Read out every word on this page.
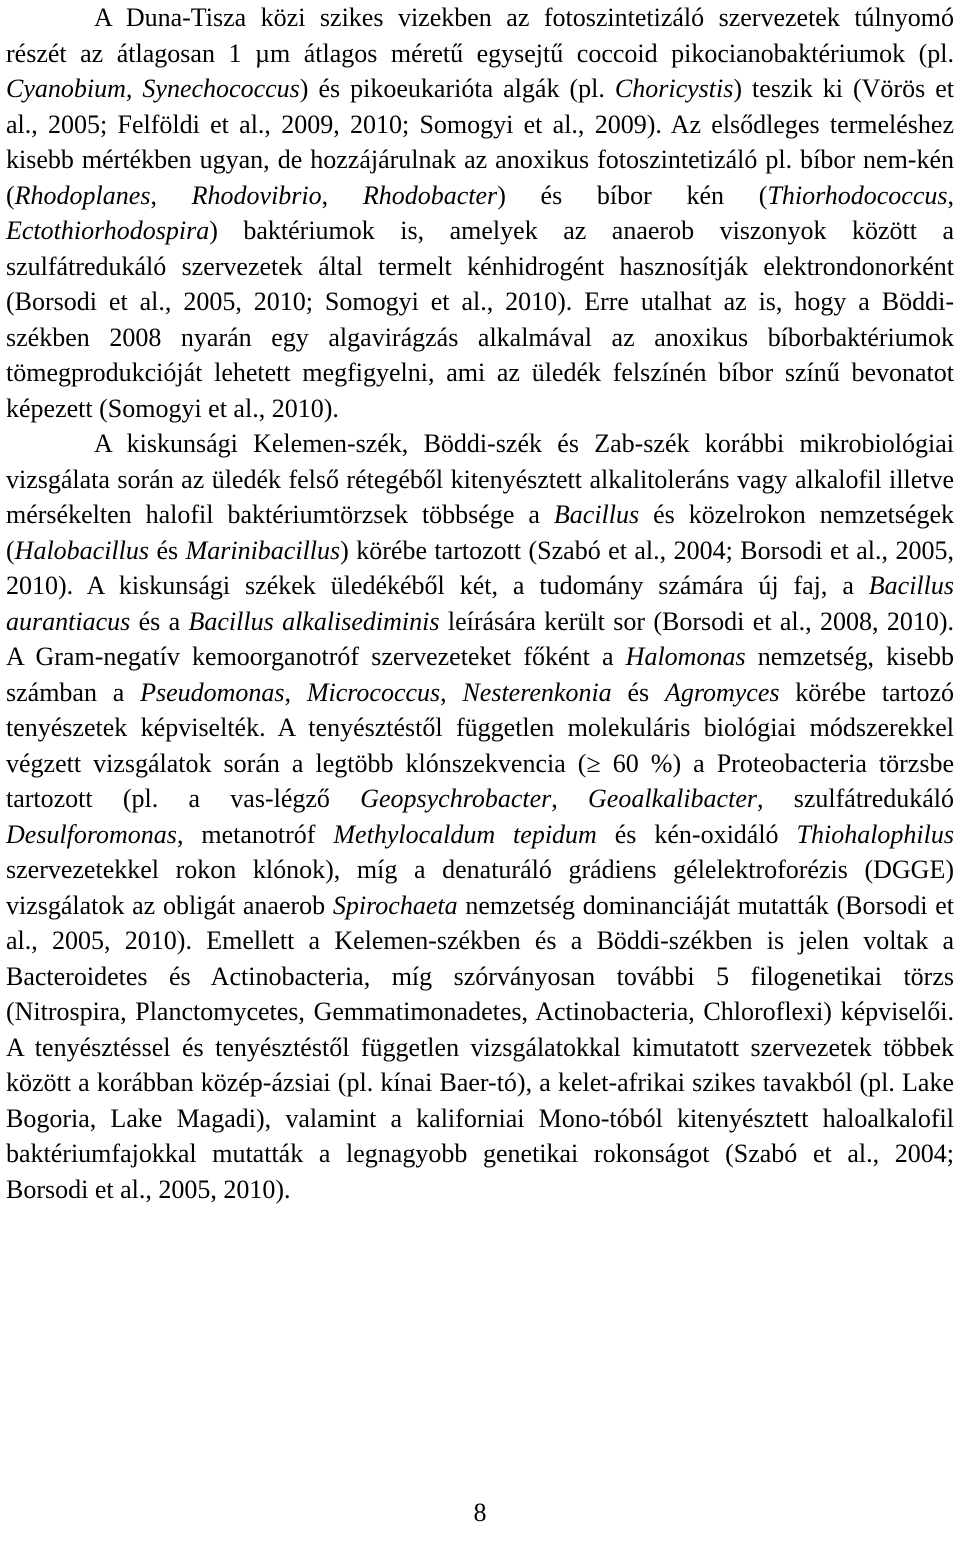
A Duna-Tisza közi szikes vizekben az fotoszintetizáló szervezetek túlnyomó részét az átlagosan 1 µm átlagos méretű egysejtű coccoid pikocianobaktériumok (pl. Cyanobium, Synechococcus) és pikoeukarióta algák (pl. Choricystis) teszik ki (Vörös et al., 2005; Felföldi et al., 2009, 2010; Somogyi et al., 2009). Az elsődleges termeléshez kisebb mértékben ugyan, de hozzájárulnak az anoxikus fotoszintetizáló pl. bíbor nem-kén (Rhodoplanes, Rhodovibrio, Rhodobacter) és bíbor kén (Thiorhodococcus, Ectothiorhodospira) baktériumok is, amelyek az anaerob viszonyok között a szulfátredukáló szervezetek által termelt kénhidrogént hasznosítják elektrondonorként (Borsodi et al., 2005, 2010; Somogyi et al., 2010). Erre utalhat az is, hogy a Böddi-székben 2008 nyarán egy algavirágzás alkalmával az anoxikus bíborbaktériumok tömegprodukcióját lehetett megfigyelni, ami az üledék felszínén bíbor színű bevonatot képezett (Somogyi et al., 2010).

A kiskunsági Kelemen-szék, Böddi-szék és Zab-szék korábbi mikrobiológiai vizsgálata során az üledék felső rétegéből kitenyésztett alkalitoleráns vagy alkalofil illetve mérsékelten halofil baktériumtörzsek többsége a Bacillus és közelrokon nemzetségek (Halobacillus és Marinibacillus) körébe tartozott (Szabó et al., 2004; Borsodi et al., 2005, 2010). A kiskunsági székek üledékéből két, a tudomány számára új faj, a Bacillus aurantiacus és a Bacillus alkalisediminis leírására került sor (Borsodi et al., 2008, 2010). A Gram-negatív kemoorganotróf szervezeteket főként a Halomonas nemzetség, kisebb számban a Pseudomonas, Micrococcus, Nesterenkonia és Agromyces körébe tartozó tenyészetek képviselték. A tenyésztéstől független molekuláris biológiai módszerekkel végzett vizsgálatok során a legtöbb klónszekvencia (≥ 60 %) a Proteobacteria törzsbe tartozott (pl. a vas-légző Geopsychrobacter, Geoalkalibacter, szulfátredukáló Desulforomonas, metanotróf Methylocaldum tepidum és kén-oxidáló Thiohalophilus szervezetekkel rokon klónok), míg a denaturáló grádiens gélelektroforézis (DGGE) vizsgálatok az obligát anaerob Spirochaeta nemzetség dominanciáját mutatták (Borsodi et al., 2005, 2010). Emellett a Kelemen-székben és a Böddi-székben is jelen voltak a Bacteroidetes és Actinobacteria, míg szórványosan további 5 filogenetikai törzs (Nitrospira, Planctomycetes, Gemmatimonadetes, Actinobacteria, Chloroflexi) képviselői. A tenyésztéssel és tenyésztéstől független vizsgálatokkal kimutatott szervezetek többek között a korábban közép-ázsiai (pl. kínai Baer-tó), a kelet-afrikai szikes tavakból (pl. Lake Bogoria, Lake Magadi), valamint a kaliforniai Mono-tóból kitenyésztett haloalkalofil baktériumfajokkal mutatták a legnagyobb genetikai rokonságot (Szabó et al., 2004; Borsodi et al., 2005, 2010).

8
